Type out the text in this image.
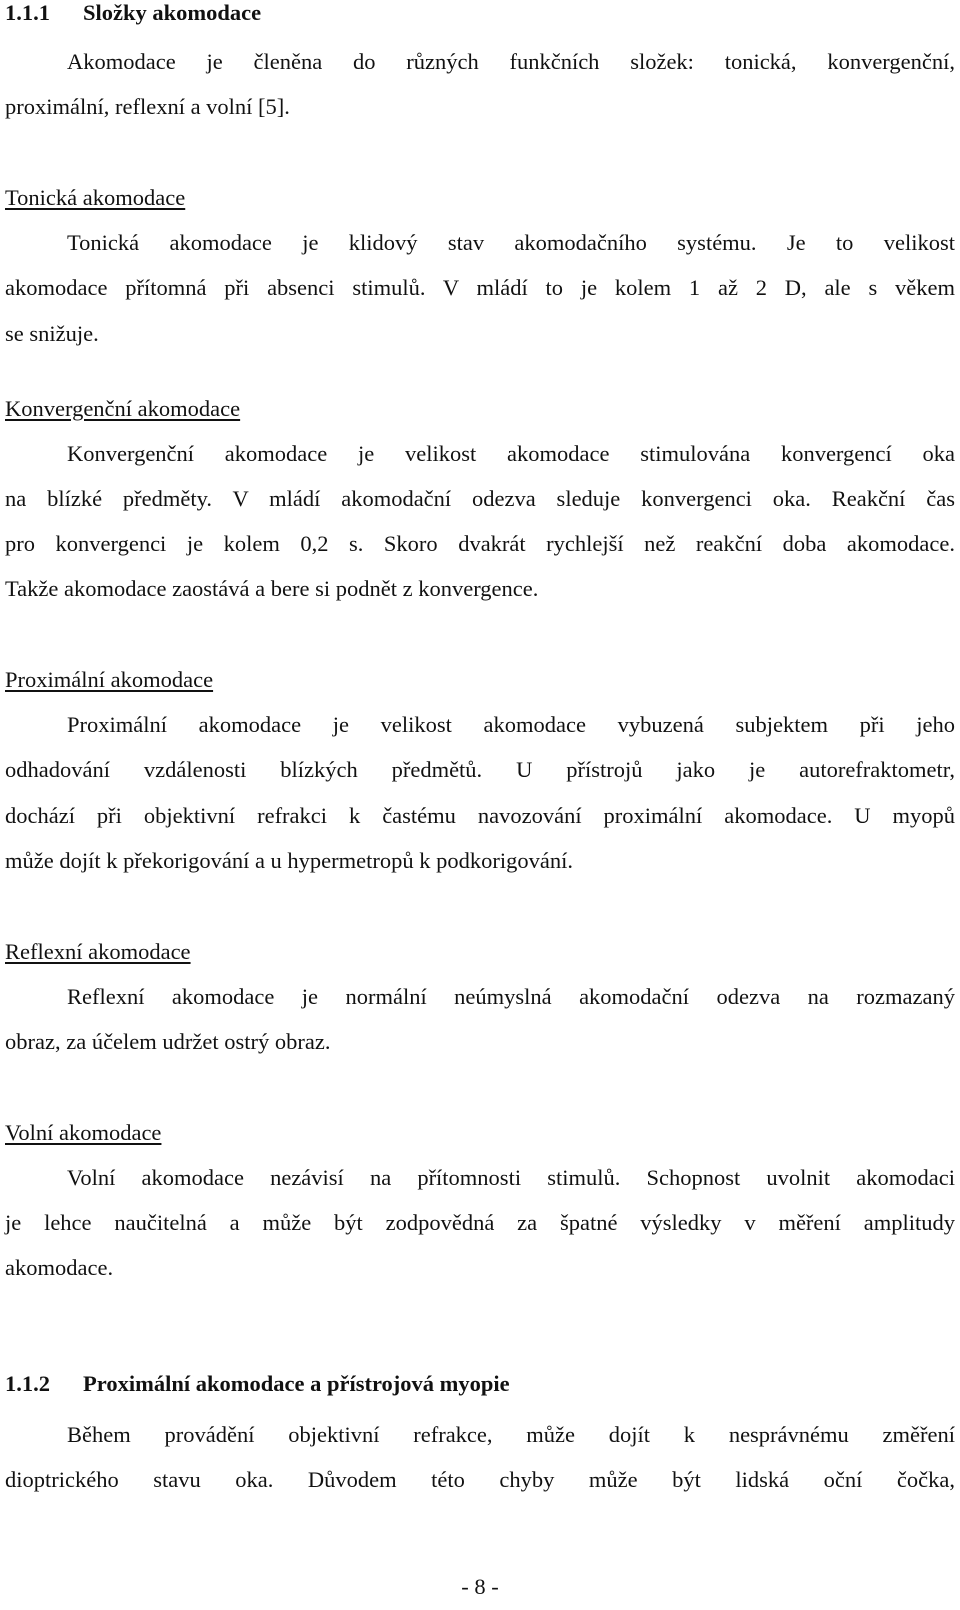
1.1.1 Složky akomodace
Akomodace je členěna do různých funkčních složek: tonická, konvergenční,
proximální, reflexní a volní [5].
Tonická akomodace
Tonická akomodace je klidový stav akomodačního systému. Je to velikost
akomodace přítomná při absenci stimulů. V mládí to je kolem 1 až 2 D, ale s věkem
se snižuje.
Konvergenční akomodace
Konvergenční akomodace je velikost akomodace stimulována konvergencí oka
na blízké předměty. V mládí akomodační odezva sleduje konvergenci oka. Reakční čas
pro konvergenci je kolem 0,2 s. Skoro dvakrát rychlejší než reakční doba akomodace.
Takže akomodace zaostává a bere si podnět z konvergence.
Proximální akomodace
Proximální akomodace je velikost akomodace vybuzená subjektem při jeho
odhadování vzdálenosti blízkých předmětů. U přístrojů jako je autorefraktometr,
dochází při objektivní refrakci k častému navozování proximální akomodace. U myopů
může dojít k překorigování a u hypermetropů k podkorigování.
Reflexní akomodace
Reflexní akomodace je normální neúmyslná akomodační odezva na rozmazaný
obraz, za účelem udržet ostrý obraz.
Volní akomodace
Volní akomodace nezávisí na přítomnosti stimulů. Schopnost uvolnit akomodaci
je lehce naučitelná a může být zodpovědná za špatné výsledky v měření amplitudy
akomodace.
1.1.2 Proximální akomodace a přístrojová myopie
Během provádění objektivní refrakce, může dojít k nesprávnému změření
dioptrického stavu oka. Důvodem této chyby může být lidská oční čočka,
- 8 -
